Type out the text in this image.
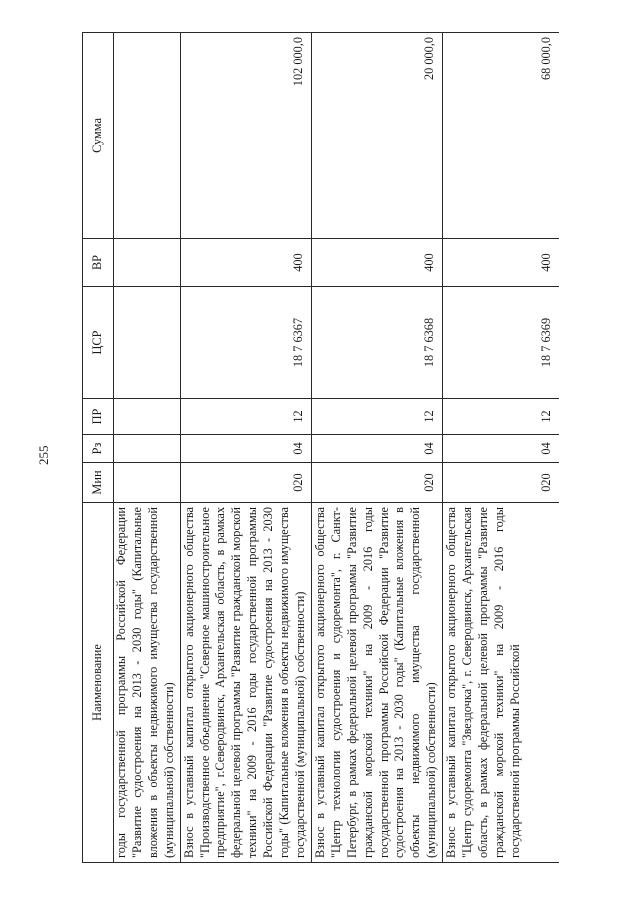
255
Наименование	Мин	Рз	ПР	ЦСР	ВР	Сумма
годы государственной программы Российской Федерации "Развитие судостроения на 2013 - 2030 годы" (Капитальные вложения в объекты недвижимого имущества государственной (муниципальной) собственности)						
Взнос в уставный капитал открытого акционерного общества "Производственное объединение "Северное машиностроительное предприятие", г.Северодвинск, Архангельская область, в рамках федеральной целевой программы "Развитие гражданской морской техники" на 2009 - 2016 годы государственной программы Российской Федерации "Развитие судостроения на 2013 - 2030 годы" (Капитальные вложения в объекты недвижимого имущества государственной (муниципальной) собственности)	020	04	12	18 7 6367	400	102 000,0
Взнос в уставный капитал открытого акционерного общества "Центр технологии судостроения и судоремонта", г. Санкт-Петербург, в рамках федеральной целевой программы "Развитие гражданской морской техники" на 2009 - 2016 годы государственной программы Российской Федерации "Развитие судостроения на 2013 - 2030 годы" (Капитальные вложения в объекты недвижимого имущества государственной (муниципальной) собственности)	020	04	12	18 7 6368	400	20 000,0
Взнос в уставный капитал открытого акционерного общества "Центр судоремонта "Звездочка", г. Северодвинск, Архангельская область, в рамках федеральной целевой программы "Развитие гражданской морской техники" на 2009 - 2016 годы государственной программы Российской	020	04	12	18 7 6369	400	68 000,0
